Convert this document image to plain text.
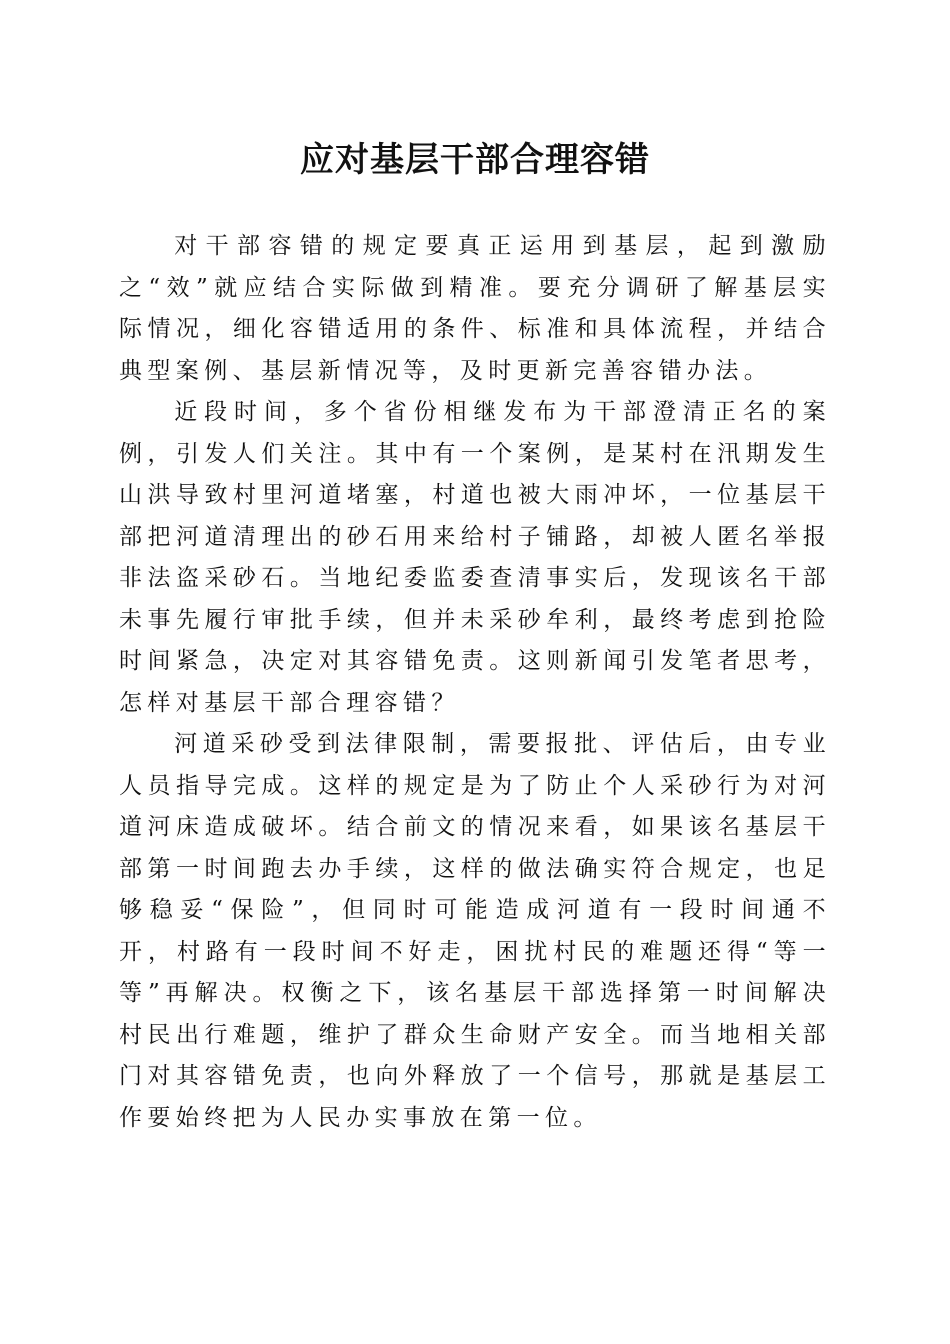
应对基层干部合理容错

对干部容错的规定要真正运用到基层，起到激励之“效”就应结合实际做到精准。要充分调研了解基层实际情况，细化容错适用的条件、标准和具体流程，并结合典型案例、基层新情况等，及时更新完善容错办法。

近段时间，多个省份相继发布为干部澄清正名的案例，引发人们关注。其中有一个案例，是某村在汛期发生山洪导致村里河道堵塞，村道也被大雨冲坏，一位基层干部把河道清理出的砂石用来给村子铺路，却被人匿名举报非法盗采砂石。当地纪委监委查清事实后，发现该名干部未事先履行审批手续，但并未采砂牟利，最终考虑到抢险时间紧急，决定对其容错免责。这则新闻引发笔者思考，怎样对基层干部合理容错？

河道采砂受到法律限制，需要报批、评估后，由专业人员指导完成。这样的规定是为了防止个人采砂行为对河道河床造成破坏。结合前文的情况来看，如果该名基层干部第一时间跑去办手续，这样的做法确实符合规定，也足够稳妥“保险”，但同时可能造成河道有一段时间通不开，村路有一段时间不好走，困扰村民的难题还得“等一等”再解决。权衡之下，该名基层干部选择第一时间解决村民出行难题，维护了群众生命财产安全。而当地相关部门对其容错免责，也向外释放了一个信号，那就是基层工作要始终把为人民办实事放在第一位。
